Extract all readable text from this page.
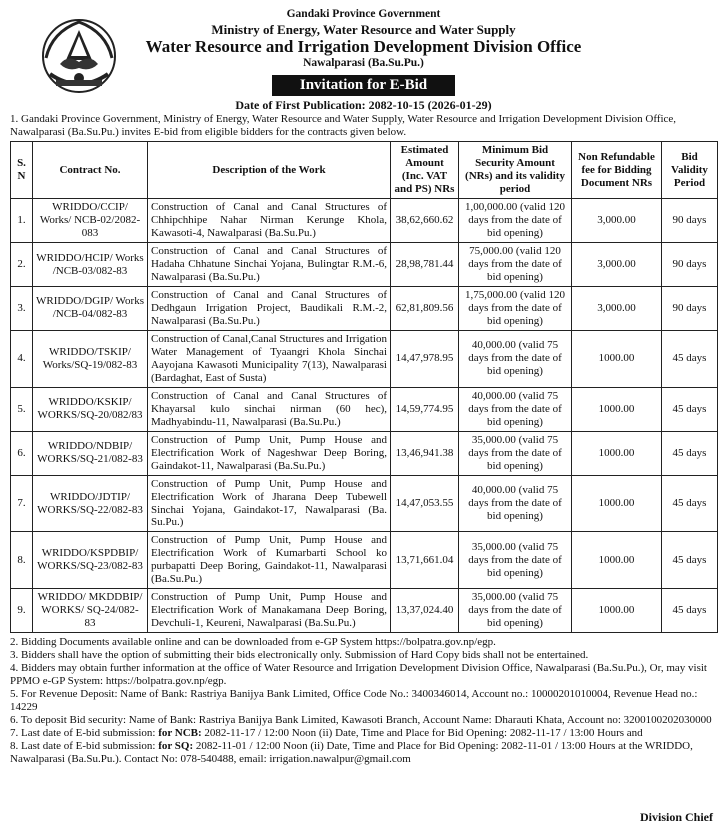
Gandaki Province Government
Ministry of Energy, Water Resource and Water Supply
Water Resource and Irrigation Development Division Office
Nawalparasi (Ba.Su.Pu.)
Invitation for E-Bid
Date of First Publication: 2082-10-15 (2026-01-29)
1. Gandaki Province Government, Ministry of Energy, Water Resource and Water Supply, Water Resource and Irrigation Development Division Office, Nawalparasi (Ba.Su.Pu.) invites E-bid from eligible bidders for the contracts given below.
S. N	Contract No.	Description of the Work	Estimated Amount (Inc. VAT and PS) NRs	Minimum Bid Security Amount (NRs) and its validity period	Non Refundable fee for Bidding Document NRs	Bid Validity Period
1.	WRIDDO/CCIP/ Works/ NCB-02/2082-083	Construction of Canal and Canal Structures of Chhipchhipe Nahar Nirman Kerunge Khola, Kawasoti-4, Nawalparasi (Ba.Su.Pu.)	38,62,660.62	1,00,000.00 (valid 120 days from the date of bid opening)	3,000.00	90 days
2.	WRIDDO/HCIP/ Works /NCB-03/082-83	Construction of Canal and Canal Structures of Hadaha Chhatune Sinchai Yojana, Bulingtar R.M.-6, Nawalparasi (Ba.Su.Pu.)	28,98,781.44	75,000.00 (valid 120 days from the date of bid opening)	3,000.00	90 days
3.	WRIDDO/DGIP/ Works /NCB-04/082-83	Construction of Canal and Canal Structures of Dedhgaun Irrigation Project, Baudikali R.M.-2, Nawalparasi (Ba.Su.Pu.)	62,81,809.56	1,75,000.00 (valid 120 days from the date of bid opening)	3,000.00	90 days
4.	WRIDDO/TSKIP/ Works/SQ-19/082-83	Construction of Canal,Canal Structures and Irrigation Water Management of Tyaangri Khola Sinchai Aayojana Kawasoti Municipality 7(13), Nawalparasi (Bardaghat, East of Susta)	14,47,978.95	40,000.00 (valid 75 days from the date of bid opening)	1000.00	45 days
5.	WRIDDO/KSKIP/ WORKS/SQ-20/082/83	Construction of Canal and Canal Structures of Khayarsal kulo sinchai nirman (60 hec), Madhyabindu-11, Nawalparasi (Ba.Su.Pu.)	14,59,774.95	40,000.00 (valid 75 days from the date of bid opening)	1000.00	45 days
6.	WRIDDO/NDBIP/ WORKS/SQ-21/082-83	Construction of Pump Unit, Pump House and Electrification Work of Nageshwar Deep Boring, Gaindakot-11, Nawalparasi (Ba.Su.Pu.)	13,46,941.38	35,000.00 (valid 75 days from the date of bid opening)	1000.00	45 days
7.	WRIDDO/JDTIP/ WORKS/SQ-22/082-83	Construction of Pump Unit, Pump House and Electrification Work of Jharana Deep Tubewell Sinchai Yojana, Gaindakot-17, Nawalparasi (Ba. Su.Pu.)	14,47,053.55	40,000.00 (valid 75 days from the date of bid opening)	1000.00	45 days
8.	WRIDDO/KSPDBIP/ WORKS/SQ-23/082-83	Construction of Pump Unit, Pump House and Electrification Work of Kumarbarti School ko purbapatti Deep Boring, Gaindakot-11, Nawalparasi (Ba.Su.Pu.)	13,71,661.04	35,000.00 (valid 75 days from the date of bid opening)	1000.00	45 days
9.	WRIDDO/ MKDDBIP/ WORKS/ SQ-24/082-83	Construction of Pump Unit, Pump House and Electrification Work of Manakamana Deep Boring, Devchuli-1, Keureni, Nawalparasi (Ba.Su.Pu.)	13,37,024.40	35,000.00 (valid 75 days from the date of bid opening)	1000.00	45 days

2. Bidding Documents available online and can be downloaded from e-GP System https://bolpatra.gov.np/egp.

3. Bidders shall have the option of submitting their bids electronically only. Submission of Hard Copy bids shall not be entertained.

4. Bidders may obtain further information at the office of Water Resource and Irrigation Development Division Office, Nawalparasi (Ba.Su.Pu.), Or, may visit PPMO e-GP System: https://bolpatra.gov.np/egp.

5. For Revenue Deposit: Name of Bank: Rastriya Banijya Bank Limited, Office Code No.: 3400346014, Account no.: 10000201010004, Revenue Head no.: 14229

6. To deposit Bid security: Name of Bank: Rastriya Banijya Bank Limited, Kawasoti Branch, Account Name: Dharauti Khata, Account no: 3200100202030000

7. Last date of E-bid submission: for NCB: 2082-11-17 / 12:00 Noon (ii) Date, Time and Place for Bid Opening: 2082-11-17 / 13:00 Hours and

8. Last date of E-bid submission: for SQ: 2082-11-01 / 12:00 Noon (ii) Date, Time and Place for Bid Opening: 2082-11-01 / 13:00 Hours at the WRIDDO, Nawalparasi (Ba.Su.Pu.). Contact No: 078-540488, email: irrigation.nawalpur@gmail.com

Division Chief
